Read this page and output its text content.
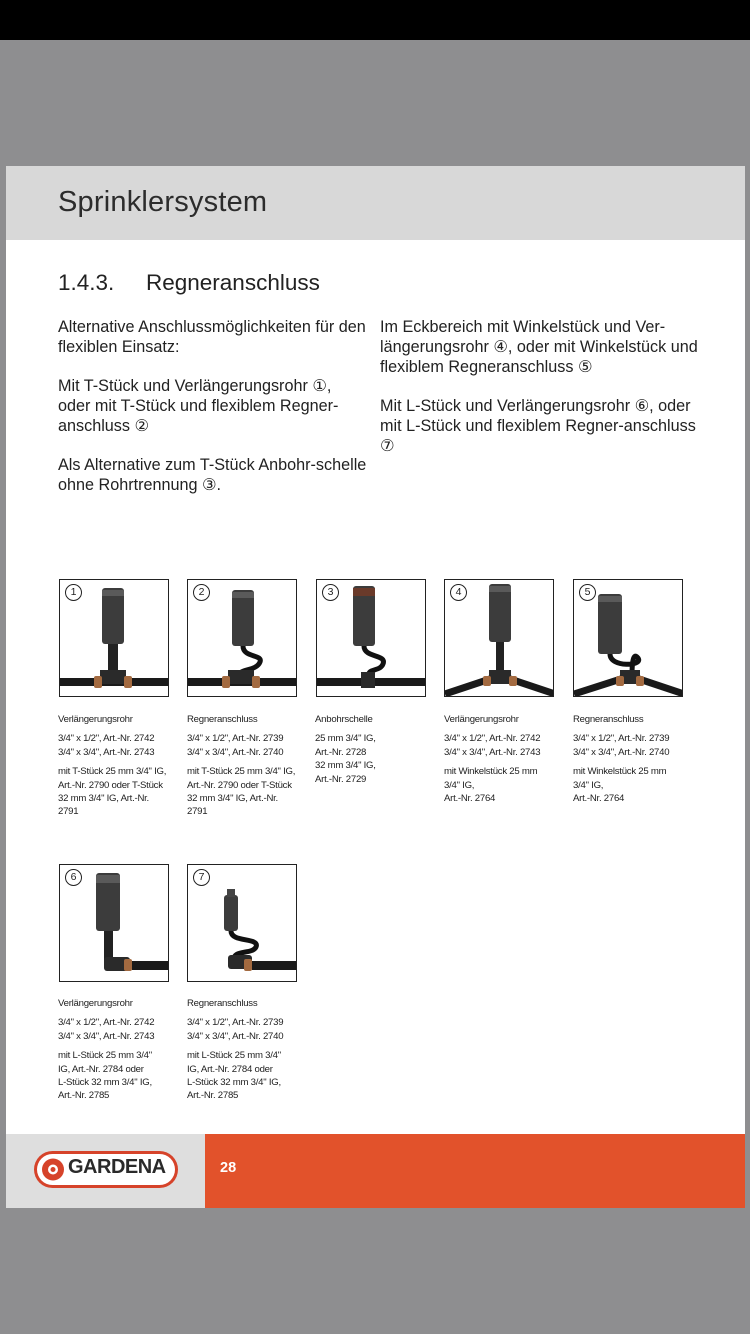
Sprinklersystem
1.4.3. Regneranschluss

Alternative Anschlussmöglichkeiten für den flexiblen Einsatz:

Mit T-Stück und Verlängerungsrohr ①, oder mit T-Stück und flexiblem Regner-anschluss ②

Als Alternative zum T-Stück Anbohr-schelle ohne Rohrtrennung ③.

Im Eckbereich mit Winkelstück und Ver-längerungsrohr ④, oder mit Winkelstück und flexiblem Regneranschluss ⑤

Mit L-Stück und Verlängerungsrohr ⑥, oder mit L-Stück und flexiblem Regner-anschluss ⑦

1	2	3	4	5
Verlängerungsrohr
3/4" x 1/2", Art.-Nr. 2742
3/4" x 3/4", Art.-Nr. 2743
mit T-Stück 25 mm 3/4" IG,
Art.-Nr. 2790 oder T-Stück
32 mm 3/4" IG, Art.-Nr.
2791
Regneranschluss
3/4" x 1/2", Art.-Nr. 2739
3/4" x 3/4", Art.-Nr. 2740
mit T-Stück 25 mm 3/4" IG,
Art.-Nr. 2790 oder T-Stück
32 mm 3/4" IG, Art.-Nr.
2791
Anbohrschelle
25 mm 3/4" IG,
Art.-Nr. 2728
32 mm 3/4" IG,
Art.-Nr. 2729
Verlängerungsrohr
3/4" x 1/2", Art.-Nr. 2742
3/4" x 3/4", Art.-Nr. 2743
mit Winkelstück 25 mm
3/4" IG,
Art.-Nr. 2764
Regneranschluss
3/4" x 1/2", Art.-Nr. 2739
3/4" x 3/4", Art.-Nr. 2740
mit Winkelstück 25 mm
3/4" IG,
Art.-Nr. 2764
6	7
Verlängerungsrohr
3/4" x 1/2", Art.-Nr. 2742
3/4" x 3/4", Art.-Nr. 2743
mit L-Stück 25 mm 3/4"
IG, Art.-Nr. 2784 oder
L-Stück 32 mm 3/4" IG,
Art.-Nr. 2785
Regneranschluss
3/4" x 1/2", Art.-Nr. 2739
3/4" x 3/4", Art.-Nr. 2740
mit L-Stück 25 mm 3/4"
IG, Art.-Nr. 2784 oder
L-Stück 32 mm 3/4" IG,
Art.-Nr. 2785
GARDENA	28
